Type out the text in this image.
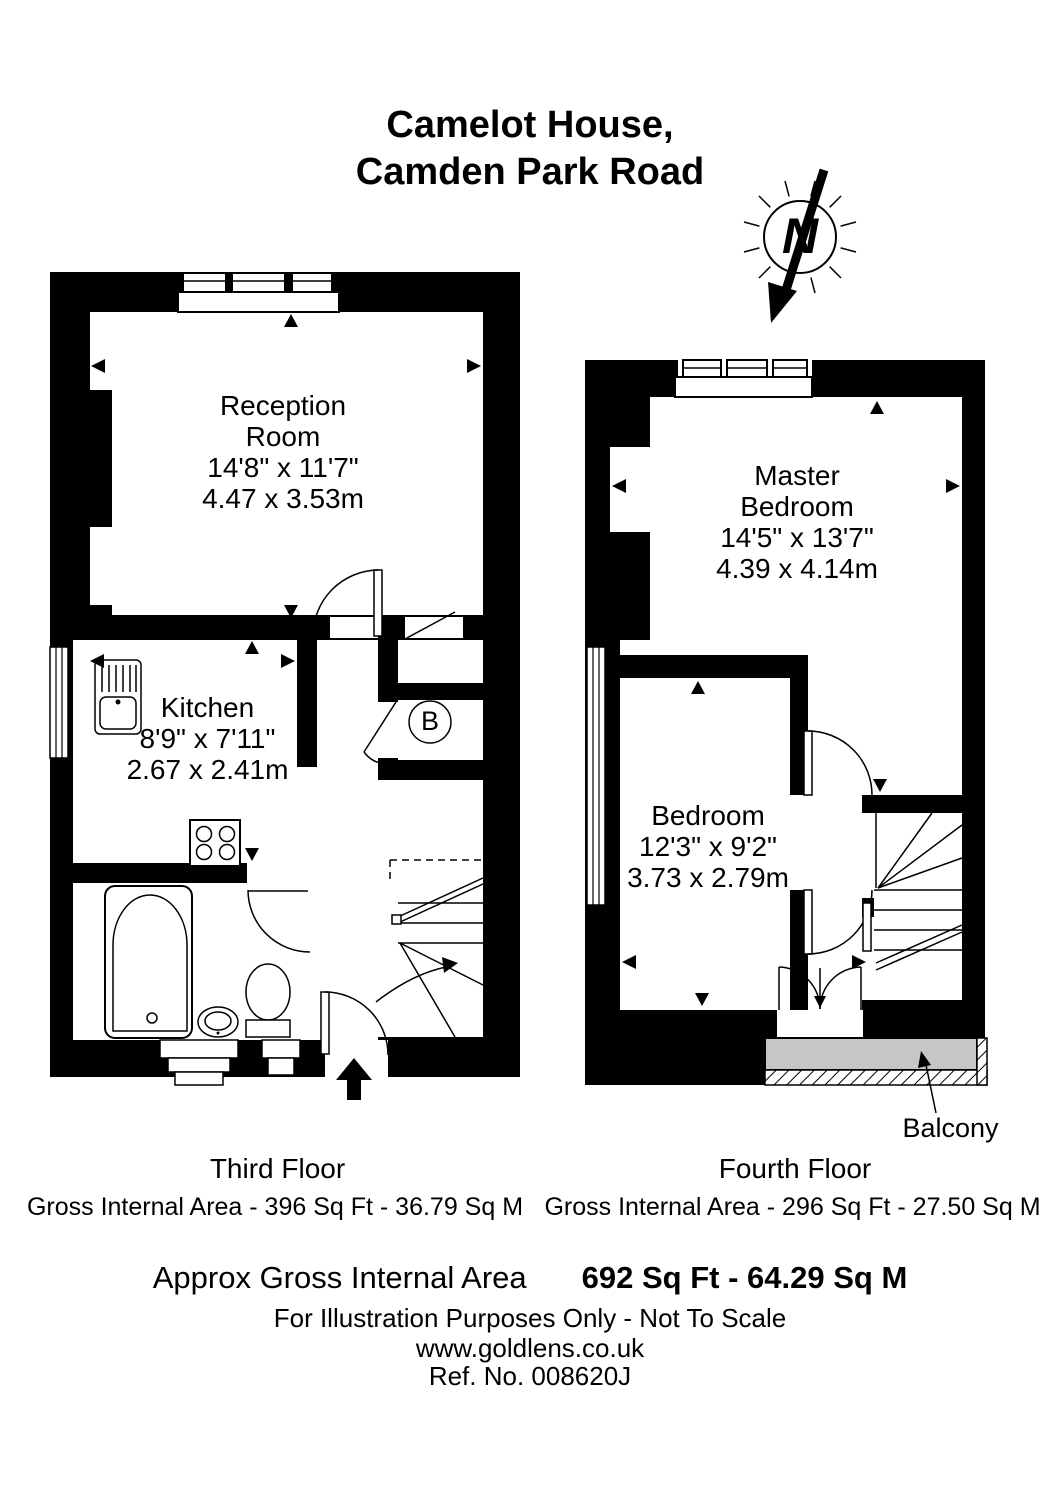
Camelot House,
Camden Park Road
N
Reception
Room
14'8" x 11'7"
4.47 x 3.53m
Kitchen
8'9" x 7'11"
2.67 x 2.41m
B
Master
Bedroom
14'5" x 13'7"
4.39 x 4.14m
Bedroom
12'3" x 9'2"
3.73 x 2.79m
Balcony
Third Floor
Gross Internal Area - 396 Sq Ft - 36.79 Sq M
Fourth Floor
Gross Internal Area - 296 Sq Ft - 27.50 Sq M
Approx Gross Internal Area 692 Sq Ft - 64.29 Sq M
For Illustration Purposes Only - Not To Scale
www.goldlens.co.uk
Ref. No. 008620J
